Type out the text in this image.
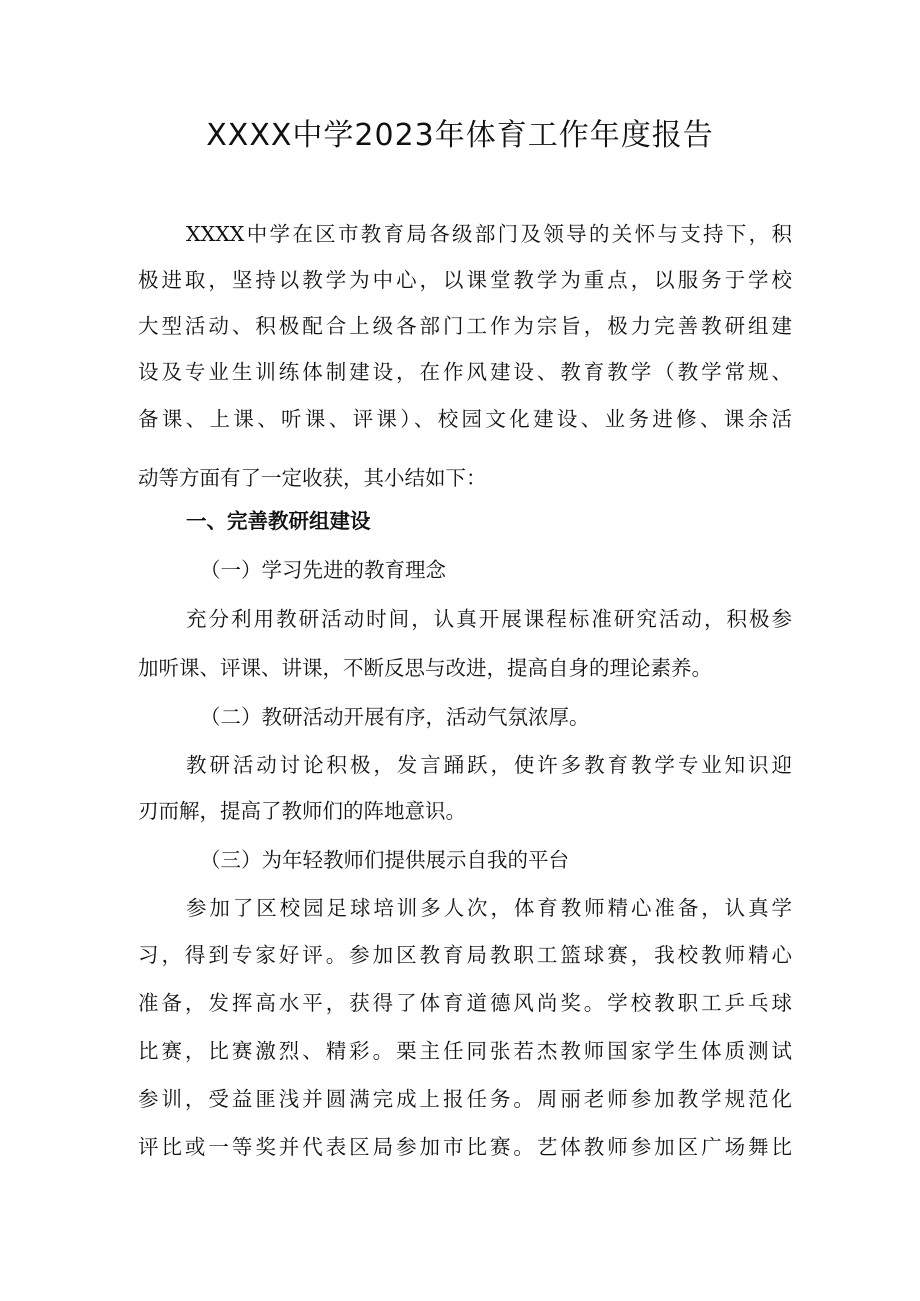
XXXX中学2023年体育工作年度报告
XXXX中学在区市教育局各级部门及领导的关怀与支持下，积
极进取，坚持以教学为中心，以课堂教学为重点，以服务于学校
大型活动、积极配合上级各部门工作为宗旨，极力完善教研组建
设及专业生训练体制建设，在作风建设、教育教学（教学常规、
备课、上课、听课、评课）、校园文化建设、业务进修、课余活
动等方面有了一定收获，其小结如下：
一、完善教研组建设
（一）学习先进的教育理念
充分利用教研活动时间，认真开展课程标准研究活动，积极参
加听课、评课、讲课，不断反思与改进，提高自身的理论素养。
（二）教研活动开展有序，活动气氛浓厚。
教研活动讨论积极，发言踊跃，使许多教育教学专业知识迎
刃而解，提高了教师们的阵地意识。
（三）为年轻教师们提供展示自我的平台
参加了区校园足球培训多人次，体育教师精心准备，认真学
习，得到专家好评。参加区教育局教职工篮球赛，我校教师精心
准备，发挥高水平，获得了体育道德风尚奖。学校教职工乒乓球
比赛，比赛激烈、精彩。栗主任同张若杰教师国家学生体质测试
参训，受益匪浅并圆满完成上报任务。周丽老师参加教学规范化
评比或一等奖并代表区局参加市比赛。艺体教师参加区广场舞比
